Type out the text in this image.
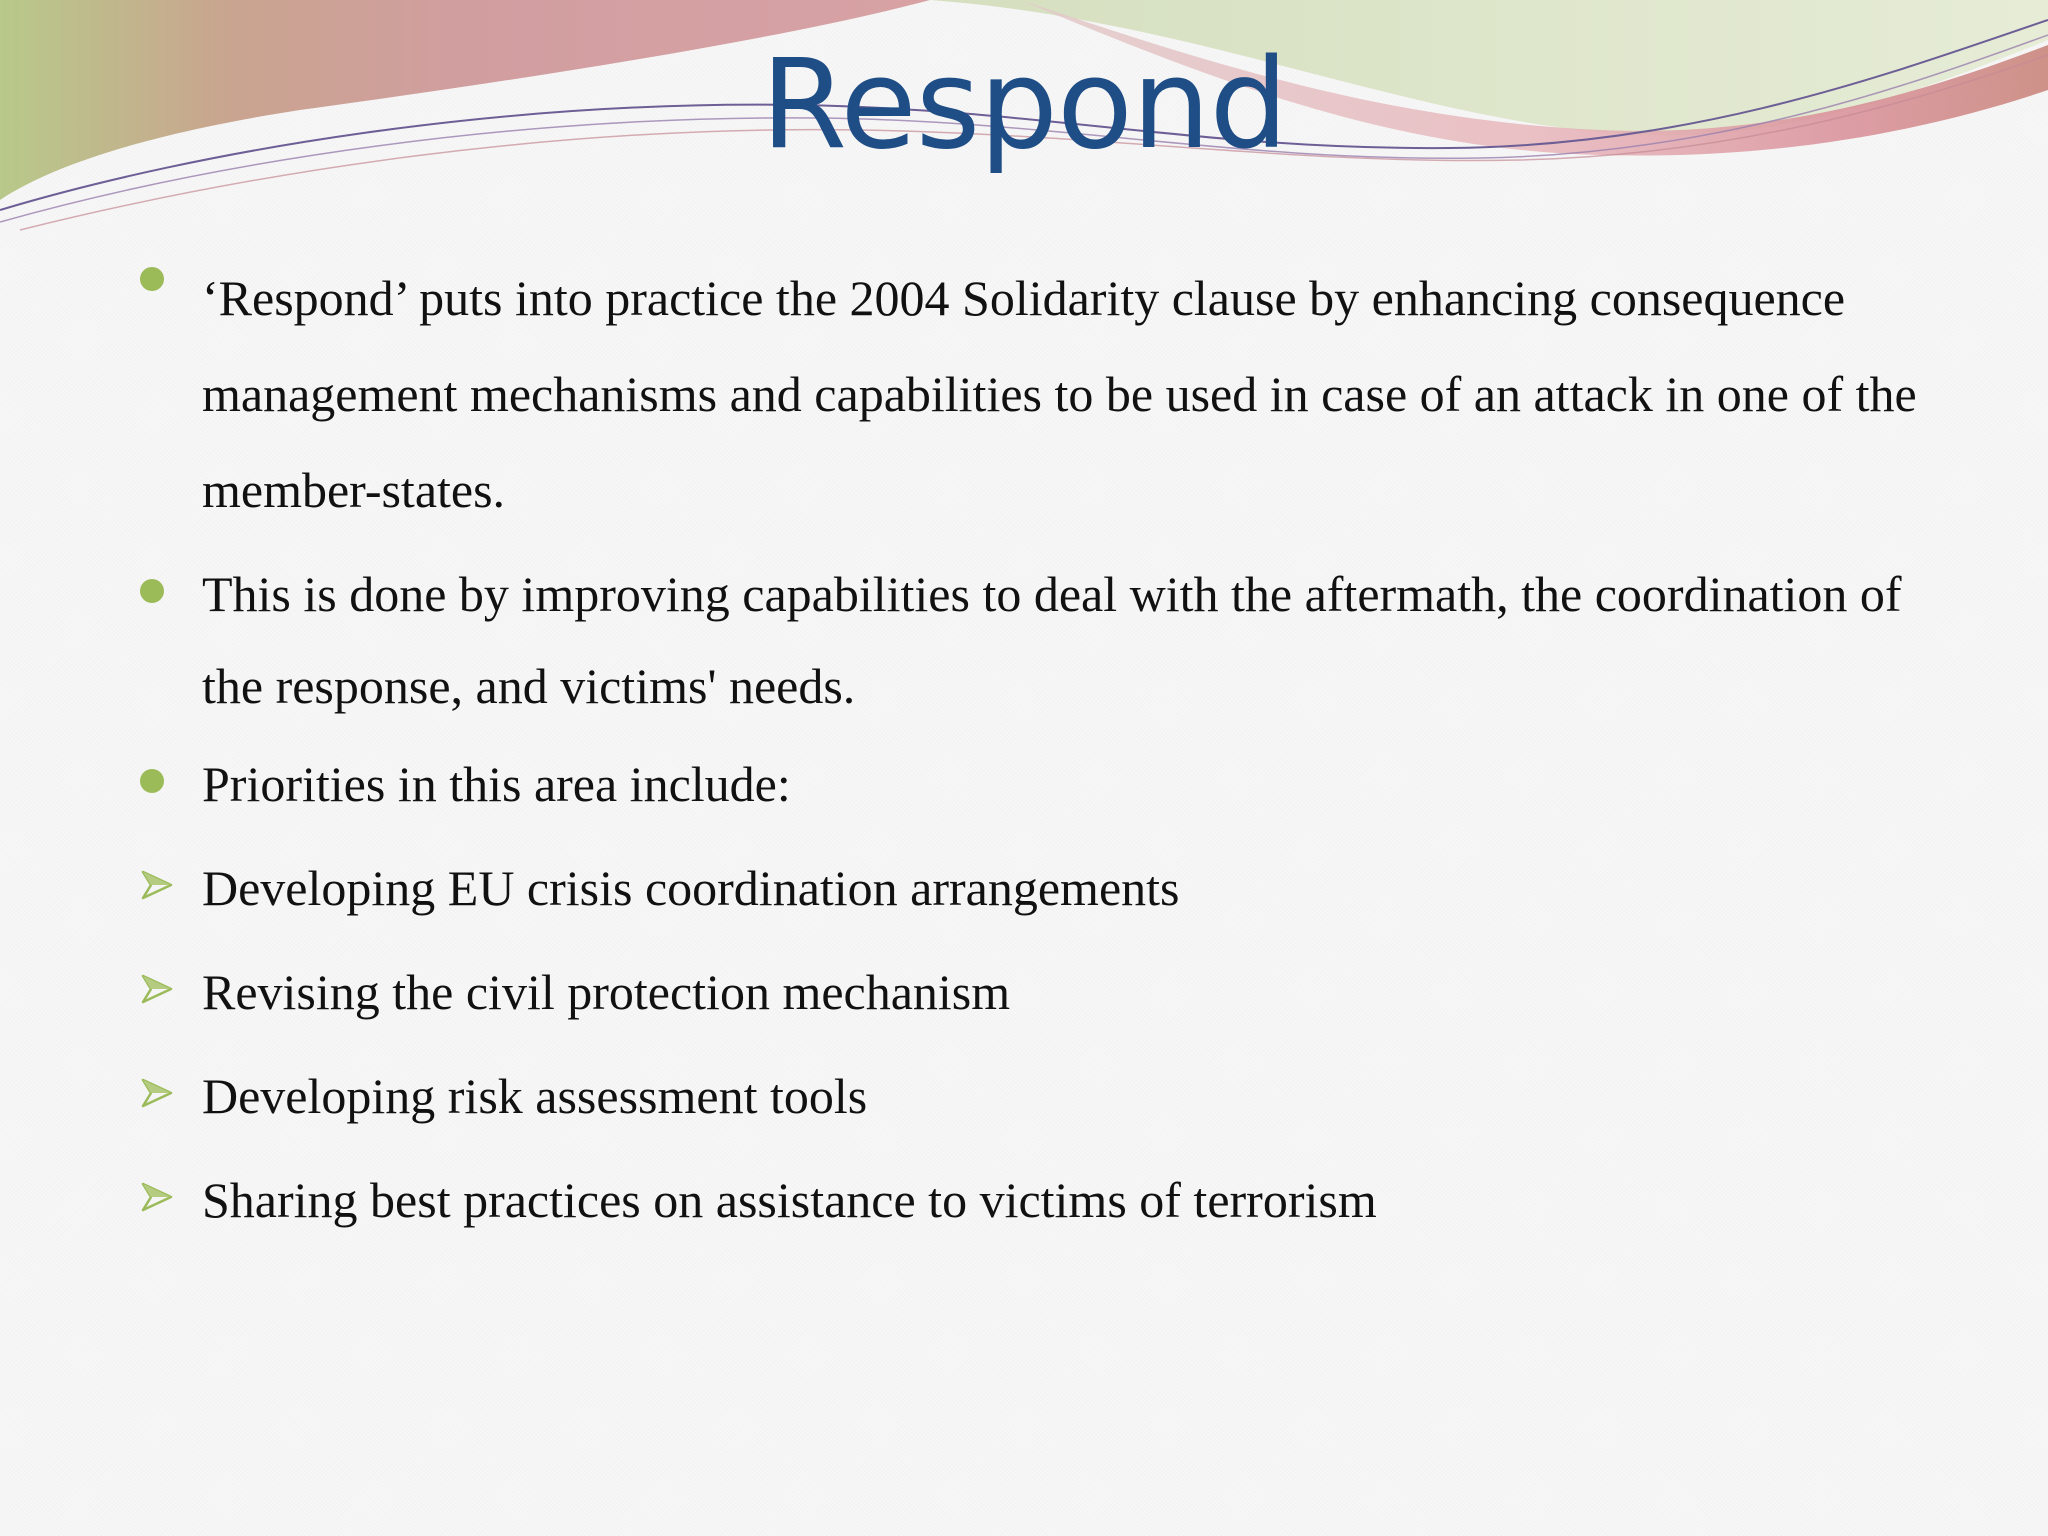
Respond
‘Respond’ puts into practice the 2004 Solidarity clause by enhancing consequence management mechanisms and capabilities to be used in case of an attack in one of the member-states.
This is done by improving capabilities to deal with the aftermath, the coordination of the response, and victims' needs.
Priorities in this area include:
Developing EU crisis coordination arrangements
Revising the civil protection mechanism
Developing risk assessment tools
Sharing best practices on assistance to victims of terrorism
